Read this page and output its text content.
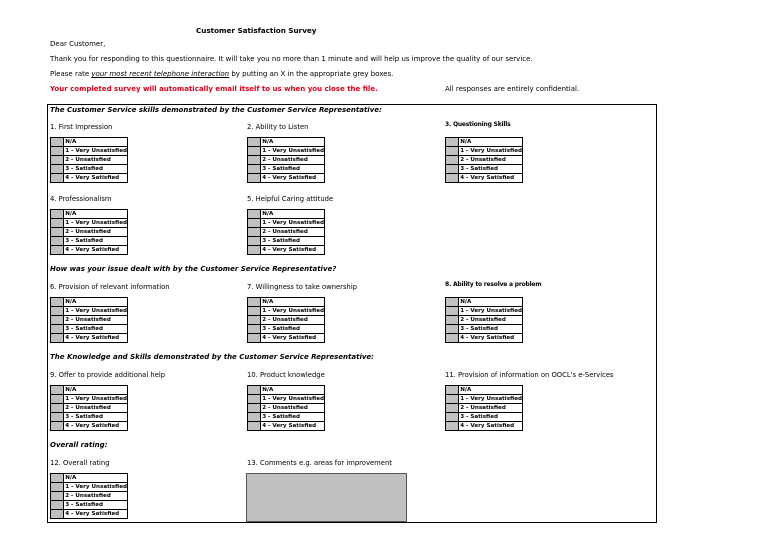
Customer Satisfaction Survey
Dear Customer,
Thank you for responding to this questionnaire. It will take you no more than 1 minute and will help us improve the quality of our service.
Please rate your most recent telephone interaction by putting an X in the appropriate grey boxes.
Your completed survey will automatically email itself to us when you close the file.	All responses are entirely confidential.
The Customer Service skills demonstrated by the Customer Service Representative:
How was your issue dealt with by the Customer Service Representative?
The Knowledge and Skills demonstrated by the Customer Service Representative:
Overall rating:
1. First Impression
	N/A
	1 - Very Unsatisfied
	2 - Unsatisfied
	3 - Satisfied
	4 - Very Satisfied
2. Ability to Listen
	N/A
	1 - Very Unsatisfied
	2 - Unsatisfied
	3 - Satisfied
	4 - Very Satisfied
3. Questioning Skills
	N/A
	1 - Very Unsatisfied
	2 - Unsatisfied
	3 - Satisfied
	4 - Very Satisfied
4. Professionalism
	N/A
	1 - Very Unsatisfied
	2 - Unsatisfied
	3 - Satisfied
	4 - Very Satisfied
5. Helpful Caring attitude
	N/A
	1 - Very Unsatisfied
	2 - Unsatisfied
	3 - Satisfied
	4 - Very Satisfied
6. Provision of relevant information
	N/A
	1 - Very Unsatisfied
	2 - Unsatisfied
	3 - Satisfied
	4 - Very Satisfied
7. Willingness to take ownership
	N/A
	1 - Very Unsatisfied
	2 - Unsatisfied
	3 - Satisfied
	4 - Very Satisfied
8. Ability to resolve a problem
	N/A
	1 - Very Unsatisfied
	2 - Unsatisfied
	3 - Satisfied
	4 - Very Satisfied
9. Offer to provide additional help
	N/A
	1 - Very Unsatisfied
	2 - Unsatisfied
	3 - Satisfied
	4 - Very Satisfied
10. Product knowledge
	N/A
	1 - Very Unsatisfied
	2 - Unsatisfied
	3 - Satisfied
	4 - Very Satisfied
11. Provision of information on OOCL's e-Services
	N/A
	1 - Very Unsatisfied
	2 - Unsatisfied
	3 - Satisfied
	4 - Very Satisfied
12. Overall rating
	N/A
	1 - Very Unsatisfied
	2 - Unsatisfied
	3 - Satisfied
	4 - Very Satisfied
13. Comments e.g. areas for improvement
